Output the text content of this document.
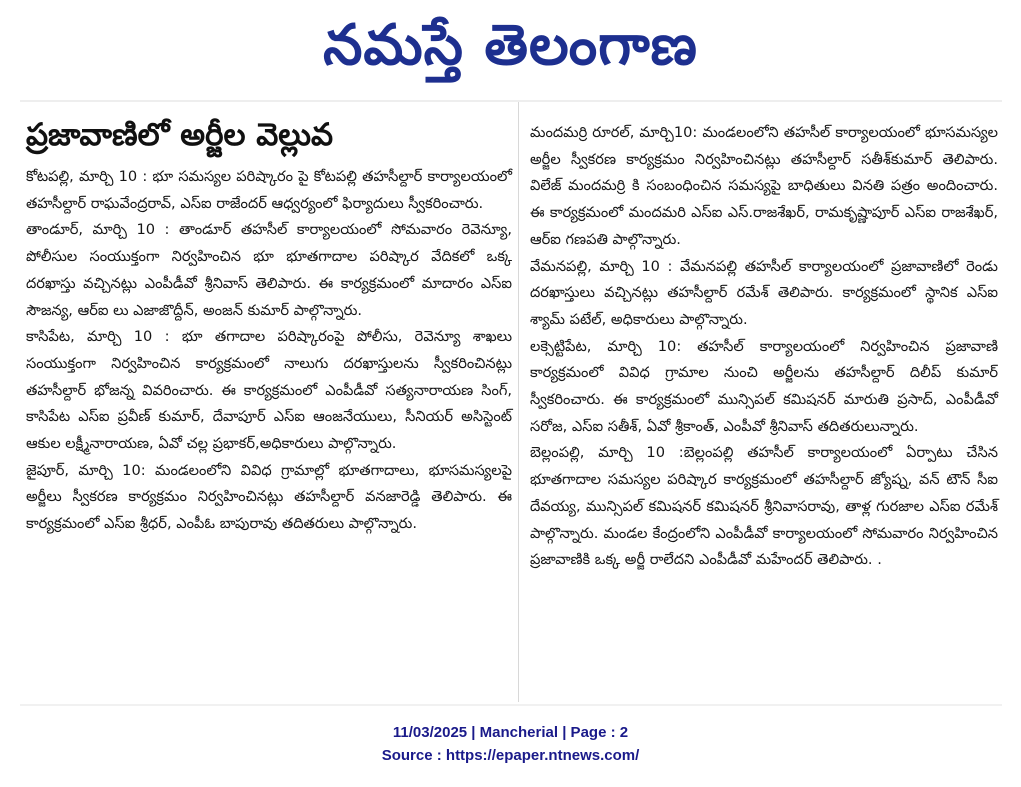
నమస్తే తెలంగాణ
ప్రజావాణిలో అర్జీల వెల్లువ

కోటపల్లి, మార్చి 10 : భూ సమస్యల పరిష్కారం పై కోటపల్లి తహసీల్దార్ కార్యాలయంలో తహసీల్దార్ రాఘవేంద్రరావ్, ఎస్ఐ రాజేందర్ ఆధ్వర్యంలో ఫిర్యాదులు స్వీకరించారు.

తాండూర్, మార్చి 10 : తాండూర్ తహసీల్ కార్యాలయంలో సోమవారం రెవెన్యూ, పోలీసుల సంయుక్తంగా నిర్వహించిన భూ భూతగాదాల పరిష్కార వేదికలో ఒక్క దరఖాస్తు వచ్చినట్లు ఎంపీడీవో శ్రీనివాస్ తెలిపారు. ఈ కార్యక్రమంలో మాదారం ఎస్ఐ సౌజన్య, ఆర్ఐ లు ఎజాజొద్దీన్, అంజన్ కుమార్ పాల్గొన్నారు.

కాసిపేట, మార్చి 10 : భూ తగాదాల పరిష్కారంపై పోలీసు, రెవెన్యూ శాఖలు సంయుక్తంగా నిర్వహించిన కార్యక్రమంలో నాలుగు దరఖాస్తులను స్వీకరించినట్లు తహసీల్దార్ భోజన్న వివరించారు. ఈ కార్యక్రమంలో ఎంపీడీవో సత్యనారాయణ సింగ్, కాసిపేట ఎస్ఐ ప్రవీణ్ కుమార్, దేవాపూర్ ఎస్ఐ ఆంజనేయులు, సీనియర్ అసిస్టెంట్ ఆకుల లక్ష్మీనారాయణ, ఏవో చల్ల ప్రభాకర్,అధికారులు పాల్గొన్నారు.

జైపూర్, మార్చి 10: మండలంలోని వివిధ గ్రామాల్లో భూతగాదాలు, భూసమస్యలపై అర్జీలు స్వీకరణ కార్యక్రమం నిర్వహించినట్లు తహసీల్దార్ వనజారెడ్డి తెలిపారు. ఈ కార్యక్రమంలో ఎస్ఐ శ్రీధర్, ఎంపీఓ బాపురావు తదితరులు పాల్గొన్నారు.

మందమర్రి రూరల్, మార్చి10: మండలంలోని తహసీల్ కార్యాలయంలో భూసమస్యల అర్జీల స్వీకరణ కార్యక్రమం నిర్వహించినట్లు తహసీల్దార్ సతీశ్‌కుమార్ తెలిపారు. విలేజ్ మందమర్రి కి సంబంధించిన సమస్యపై బాధితులు వినతి పత్రం అందించారు. ఈ కార్యక్రమంలో మందమరి ఎస్ఐ ఎస్.రాజశేఖర్, రామకృష్ణాపూర్ ఎస్ఐ రాజశేఖర్, ఆర్ఐ గణపతి పాల్గొన్నారు.

వేమనపల్లి, మార్చి 10 : వేమనపల్లి తహసీల్ కార్యాలయంలో ప్రజావాణిలో రెండు దరఖాస్తులు వచ్చినట్లు తహసీల్దార్ రమేశ్ తెలిపారు. కార్యక్రమంలో స్థానిక ఎస్ఐ శ్యామ్ పటేల్, అధికారులు పాల్గొన్నారు.

లక్సెట్టిపేట, మార్చి 10: తహసీల్ కార్యాలయంలో నిర్వహించిన ప్రజావాణి కార్యక్రమంలో వివిధ గ్రామాల నుంచి అర్జీలను తహసీల్దార్ దిలీప్ కుమార్ స్వీకరించారు. ఈ కార్యక్రమంలో మున్సిపల్ కమిషనర్ మారుతి ప్రసాద్, ఎంపీడీవో సరోజ, ఎస్ఐ సతీశ్, ఏవో శ్రీకాంత్, ఎంపీవో శ్రీనివాస్ తదితరులున్నారు.

బెల్లంపల్లి, మార్చి 10 :బెల్లంపల్లి తహసీల్ కార్యాలయంలో ఏర్పాటు చేసిన భూతగాదాల సమస్యల పరిష్కార కార్యక్రమంలో తహసీల్దార్ జ్యోష్న, వన్ టౌన్ సీఐ దేవయ్య, మున్సిపల్ కమిషనర్ కమిషనర్ శ్రీనివాసరావు, తాళ్ల గురజాల ఎస్ఐ రమేశ్ పాల్గొన్నారు. మండల కేంద్రంలోని ఎంపీడీవో కార్యాలయంలో సోమవారం నిర్వహించిన ప్రజావాణికి ఒక్క అర్జీ రాలేదని ఎంపీడీవో మహేందర్ తెలిపారు. .

11/03/2025 | Mancherial | Page : 2
Source : https://epaper.ntnews.com/
